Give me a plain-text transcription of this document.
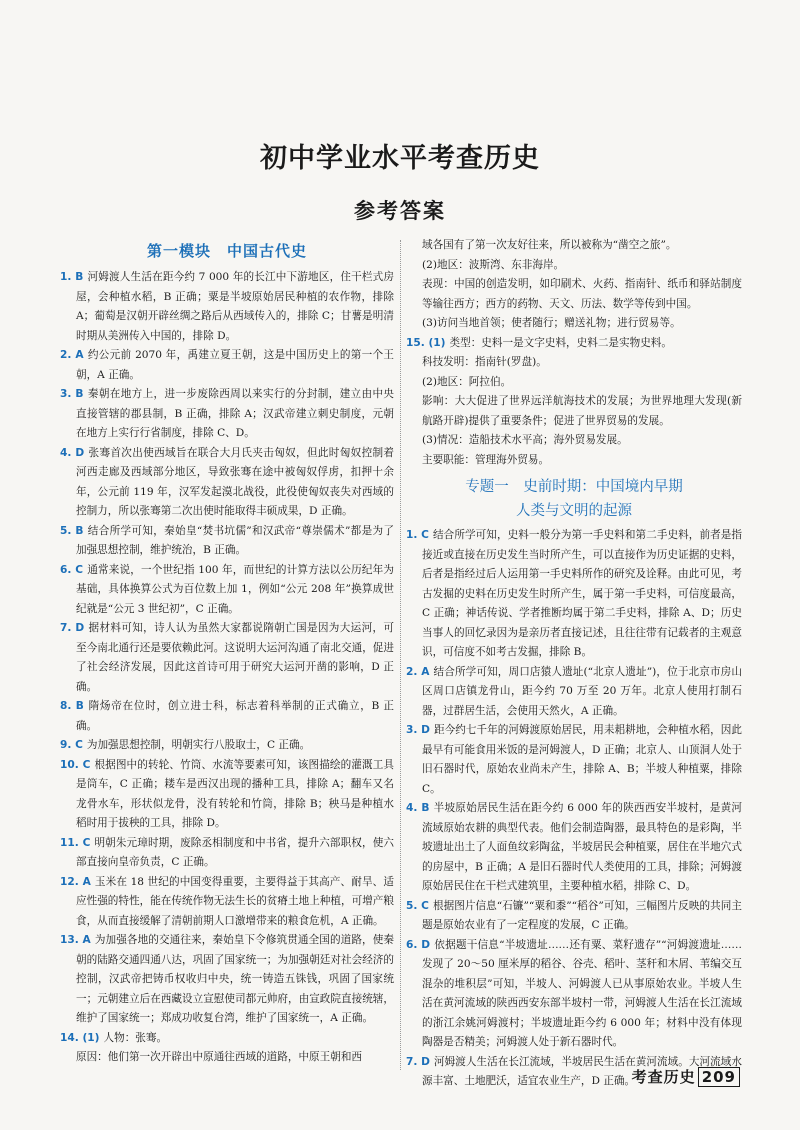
初中学业水平考查历史
参考答案
第一模块　中国古代史

1. B 河姆渡人生活在距今约 7 000 年的长江中下游地区，住干栏式房屋，会种植水稻，B 正确；粟是半坡原始居民种植的农作物，排除 A；葡萄是汉朝开辟丝绸之路后从西域传入的，排除 C；甘薯是明清时期从美洲传入中国的，排除 D。

2. A 约公元前 2070 年，禹建立夏王朝，这是中国历史上的第一个王朝，A 正确。

3. B 秦朝在地方上，进一步废除西周以来实行的分封制，建立由中央直接管辖的郡县制，B 正确，排除 A；汉武帝建立刺史制度，元朝在地方上实行行省制度，排除 C、D。

4. D 张骞首次出使西域旨在联合大月氏夹击匈奴，但此时匈奴控制着河西走廊及西域部分地区，导致张骞在途中被匈奴俘虏，扣押十余年，公元前 119 年，汉军发起漠北战役，此役使匈奴丧失对西域的控制力，所以张骞第二次出使时能取得丰硕成果，D 正确。

5. B 结合所学可知，秦始皇“焚书坑儒”和汉武帝“尊崇儒术”都是为了加强思想控制，维护统治，B 正确。

6. C 通常来说，一个世纪指 100 年，而世纪的计算方法以公历纪年为基础，具体换算公式为百位数上加 1，例如“公元 208 年”换算成世纪就是“公元 3 世纪初”，C 正确。

7. D 据材料可知，诗人认为虽然大家都说隋朝亡国是因为大运河，可至今南北通行还是要依赖此河。这说明大运河沟通了南北交通，促进了社会经济发展，因此这首诗可用于研究大运河开凿的影响，D 正确。

8. B 隋炀帝在位时，创立进士科，标志着科举制的正式确立，B 正确。

9. C 为加强思想控制，明朝实行八股取士，C 正确。

10. C 根据图中的转轮、竹筒、水流等要素可知，该图描绘的灌溉工具是筒车，C 正确；耧车是西汉出现的播种工具，排除 A；翻车又名龙骨水车，形状似龙骨，没有转轮和竹筒，排除 B；秧马是种植水稻时用于拔秧的工具，排除 D。

11. C 明朝朱元璋时期，废除丞相制度和中书省，提升六部职权，使六部直接向皇帝负责，C 正确。

12. A 玉米在 18 世纪的中国变得重要，主要得益于其高产、耐旱、适应性强的特性，能在传统作物无法生长的贫瘠土地上种植，可增产粮食，从而直接缓解了清朝前期人口激增带来的粮食危机，A 正确。

13. A 为加强各地的交通往来，秦始皇下令修筑贯通全国的道路，使秦朝的陆路交通四通八达，巩固了国家统一；为加强朝廷对社会经济的控制，汉武帝把铸币权收归中央，统一铸造五铢钱，巩固了国家统一；元朝建立后在西藏设立宣慰使司都元帅府，由宣政院直接统辖，维护了国家统一；郑成功收复台湾，维护了国家统一，A 正确。

14. (1) 人物：张骞。

原因：他们第一次开辟出中原通往西域的道路，中原王朝和西

域各国有了第一次友好往来，所以被称为“凿空之旅”。

(2)地区：波斯湾、东非海岸。

表现：中国的创造发明，如印刷术、火药、指南针、纸币和驿站制度等输往西方；西方的药物、天文、历法、数学等传到中国。

(3)访问当地首领；使者随行；赠送礼物；进行贸易等。

15. (1) 类型：史料一是文字史料，史料二是实物史料。

科技发明：指南针(罗盘)。

(2)地区：阿拉伯。

影响：大大促进了世界远洋航海技术的发展；为世界地理大发现(新航路开辟)提供了重要条件；促进了世界贸易的发展。

(3)情况：造船技术水平高；海外贸易发展。

主要职能：管理海外贸易。

专题一　史前时期：中国境内早期
人类与文明的起源

1. C 结合所学可知，史料一般分为第一手史料和第二手史料，前者是指接近或直接在历史发生当时所产生，可以直接作为历史证据的史料，后者是指经过后人运用第一手史料所作的研究及诠释。由此可见，考古发掘的史料在历史发生时所产生，属于第一手史料，可信度最高，C 正确；神话传说、学者推断均属于第二手史料，排除 A、D；历史当事人的回忆录因为是亲历者直接记述，且往往带有记载者的主观意识，可信度不如考古发掘，排除 B。

2. A 结合所学可知，周口店猿人遗址(“北京人遗址”)，位于北京市房山区周口店镇龙骨山，距今约 70 万至 20 万年。北京人使用打制石器，过群居生活，会使用天然火，A 正确。

3. D 距今约七千年的河姆渡原始居民，用耒耜耕地，会种植水稻，因此最早有可能食用米饭的是河姆渡人，D 正确；北京人、山顶洞人处于旧石器时代，原始农业尚未产生，排除 A、B；半坡人种植粟，排除 C。

4. B 半坡原始居民生活在距今约 6 000 年的陕西西安半坡村，是黄河流域原始农耕的典型代表。他们会制造陶器，最具特色的是彩陶，半坡遗址出土了人面鱼纹彩陶盆，半坡居民会种植粟，居住在半地穴式的房屋中，B 正确；A 是旧石器时代人类使用的工具，排除；河姆渡原始居民住在干栏式建筑里，主要种植水稻，排除 C、D。

5. C 根据图片信息“石镰”“粟和黍”“稻谷”可知，三幅图片反映的共同主题是原始农业有了一定程度的发展，C 正确。

6. D 依据题干信息“半坡遗址……还有粟、菜籽遗存”“河姆渡遗址……发现了 20～50 厘米厚的稻谷、谷壳、稻叶、茎秆和木屑、苇编交互混杂的堆积层”可知，半坡人、河姆渡人已从事原始农业。半坡人生活在黄河流域的陕西西安东部半坡村一带，河姆渡人生活在长江流域的浙江余姚河姆渡村；半坡遗址距今约 6 000 年；材料中没有体现陶器是否精美；河姆渡人处于新石器时代。

7. D 河姆渡人生活在长江流域，半坡居民生活在黄河流域。大河流域水源丰富、土地肥沃，适宜农业生产，D 正确。

考查历史 209
